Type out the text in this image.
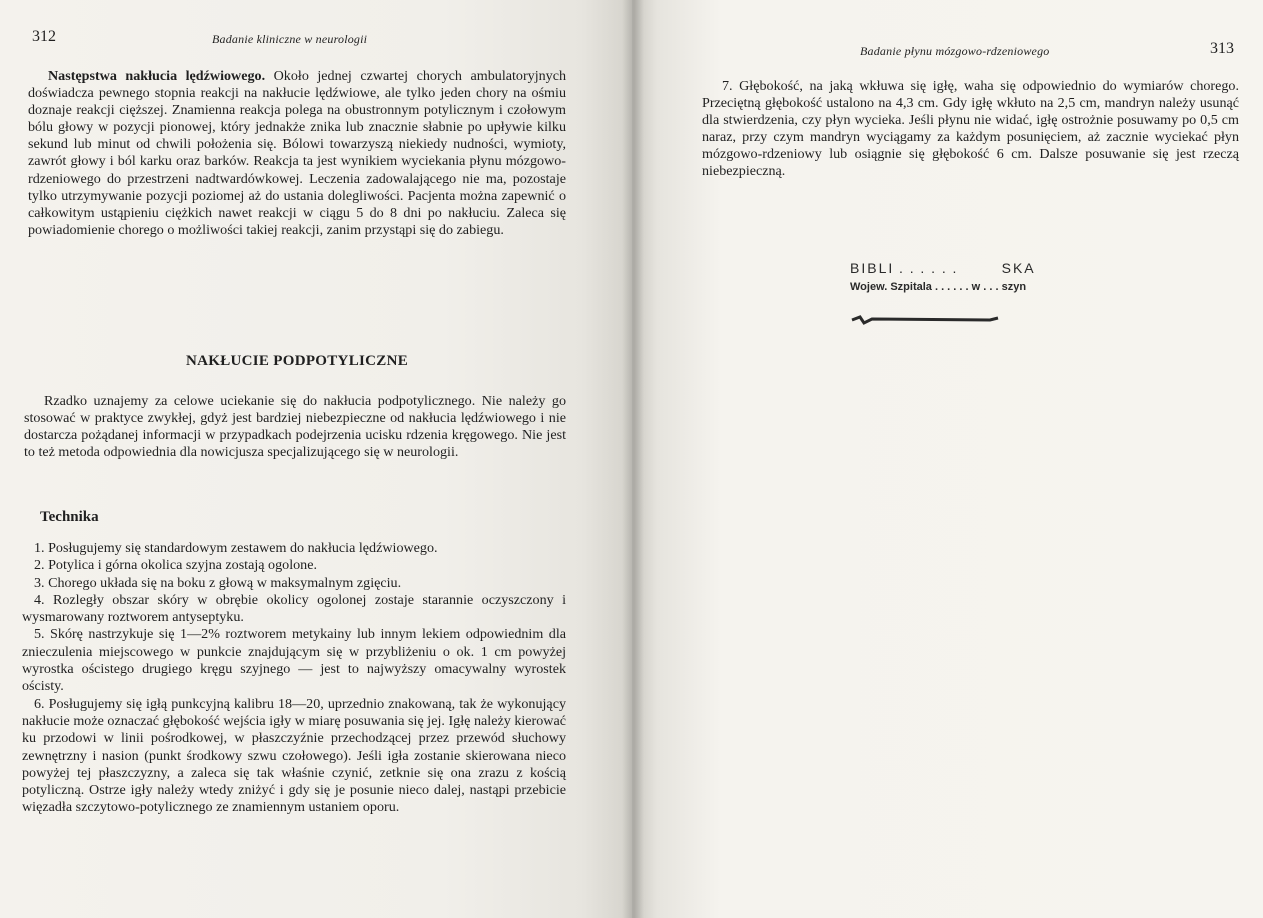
312	Badanie kliniczne w neurologii

Następstwa nakłucia lędźwiowego. Około jednej czwartej chorych ambulatoryjnych doświadcza pewnego stopnia reakcji na nakłucie lędźwiowe, ale tylko jeden chory na ośmiu doznaje reakcji cięższej. Znamienna reakcja polega na obustronnym potylicznym i czołowym bólu głowy w pozycji pionowej, który jednakże znika lub znacznie słabnie po upływie kilku sekund lub minut od chwili położenia się. Bólowi towarzyszą niekiedy nudności, wymioty, zawrót głowy i ból karku oraz barków. Reakcja ta jest wynikiem wyciekania płynu mózgowo-rdzeniowego do przestrzeni nadtwardówkowej. Leczenia zadowalającego nie ma, pozostaje tylko utrzymywanie pozycji poziomej aż do ustania dolegliwości. Pacjenta można zapewnić o całkowitym ustąpieniu ciężkich nawet reakcji w ciągu 5 do 8 dni po nakłuciu. Zaleca się powiadomienie chorego o możliwości takiej reakcji, zanim przystąpi się do zabiegu.

NAKŁUCIE PODPOTYLICZNE

Rzadko uznajemy za celowe uciekanie się do nakłucia podpotylicznego. Nie należy go stosować w praktyce zwykłej, gdyż jest bardziej niebezpieczne od nakłucia lędźwiowego i nie dostarcza pożądanej informacji w przypadkach podejrzenia ucisku rdzenia kręgowego. Nie jest to też metoda odpowiednia dla nowicjusza specjalizującego się w neurologii.

Technika
1. Posługujemy się standardowym zestawem do nakłucia lędźwiowego.
2. Potylica i górna okolica szyjna zostają ogolone.
3. Chorego układa się na boku z głową w maksymalnym zgięciu.
4. Rozległy obszar skóry w obrębie okolicy ogolonej zostaje starannie oczyszczony i wysmarowany roztworem antyseptyku.
5. Skórę nastrzykuje się 1—2% roztworem metykainy lub innym lekiem odpowiednim dla znieczulenia miejscowego w punkcie znajdującym się w przybliżeniu o ok. 1 cm powyżej wyrostka ościstego drugiego kręgu szyjnego — jest to najwyższy omacywalny wyrostek ościsty.
6. Posługujemy się igłą punkcyjną kalibru 18—20, uprzednio znakowaną, tak że wykonujący nakłucie może oznaczać głębokość wejścia igły w miarę posuwania się jej. Igłę należy kierować ku przodowi w linii pośrodkowej, w płaszczyźnie przechodzącej przez przewód słuchowy zewnętrzny i nasion (punkt środkowy szwu czołowego). Jeśli igła zostanie skierowana nieco powyżej tej płaszczyzny, a zaleca się tak właśnie czynić, zetknie się ona zrazu z kością potyliczną. Ostrze igły należy wtedy zniżyć i gdy się je posunie nieco dalej, nastąpi przebicie więzadła szczytowo-potylicznego ze znamiennym ustaniem oporu.
Badanie płynu mózgowo-rdzeniowego	313

7. Głębokość, na jaką wkłuwa się igłę, waha się odpowiednio do wymiarów chorego. Przeciętną głębokość ustalono na 4,3 cm. Gdy igłę wkłuto na 2,5 cm, mandryn należy usunąć dla stwierdzenia, czy płyn wycieka. Jeśli płynu nie widać, igłę ostrożnie posuwamy po 0,5 cm naraz, przy czym mandryn wyciągamy za każdym posunięciem, aż zacznie wyciekać płyn mózgowo-rdzeniowy lub osiągnie się głębokość 6 cm. Dalsze posuwanie się jest rzeczą niebezpieczną.

BIBLI . . . . . .         SKA
Wojew. Szpitala . . . . . . w . . . szyn
